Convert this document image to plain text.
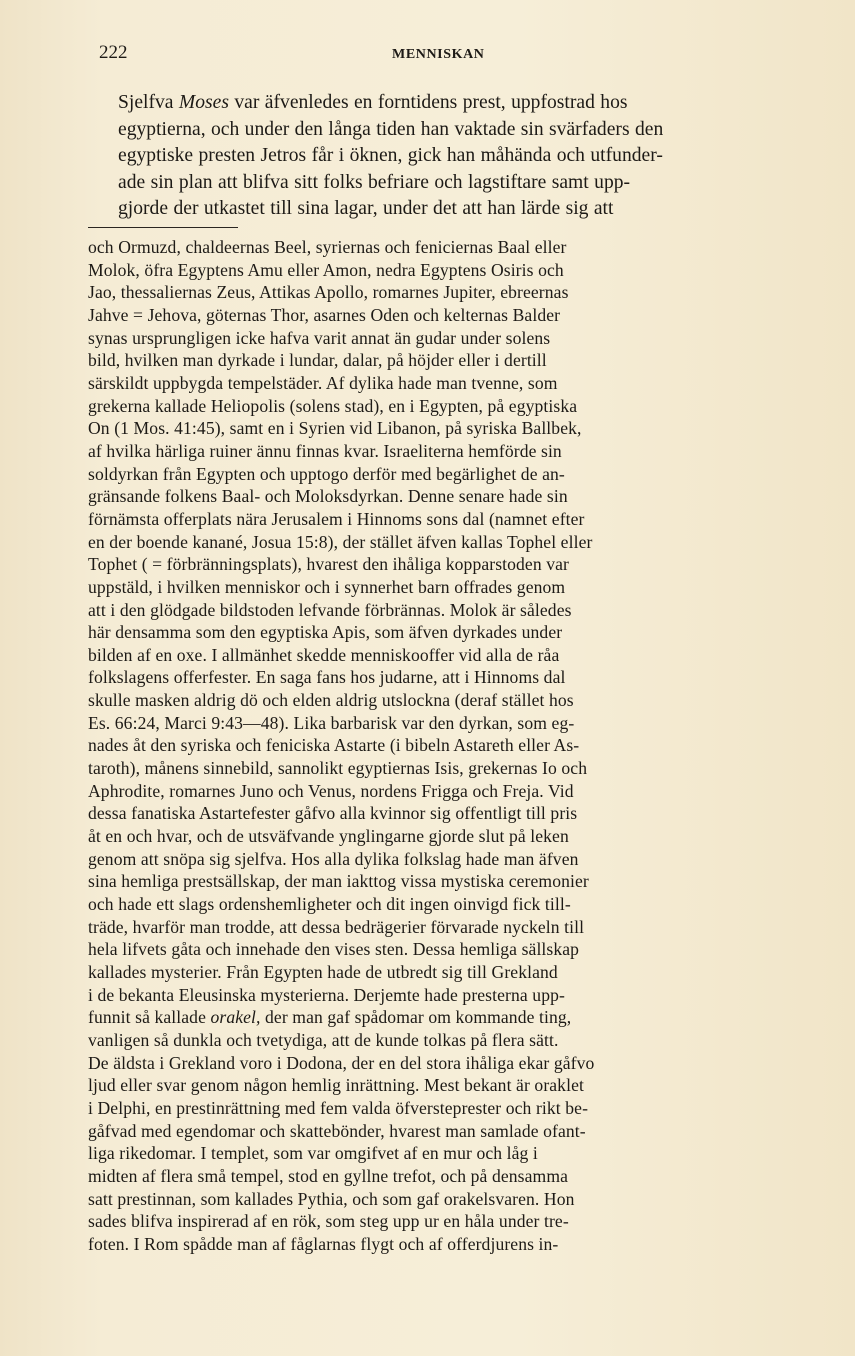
222	MENNISKAN
Sjelfva Moses var äfvenledes en forntidens prest, uppfostrad hos
egyptierna, och under den långa tiden han vaktade sin svärfaders den
egyptiske presten Jetros får i öknen, gick han måhända och utfunder-
ade sin plan att blifva sitt folks befriare och lagstiftare samt upp-
gjorde der utkastet till sina lagar, under det att han lärde sig att
och Ormuzd, chaldeernas Beel, syriernas och feniciernas Baal eller
Molok, öfra Egyptens Amu eller Amon, nedra Egyptens Osiris och
Jao, thessaliernas Zeus, Attikas Apollo, romarnes Jupiter, ebreernas
Jahve = Jehova, göternas Thor, asarnes Oden och kelternas Balder
synas ursprungligen icke hafva varit annat än gudar under solens
bild, hvilken man dyrkade i lundar, dalar, på höjder eller i dertill
särskildt uppbygda tempelstäder. Af dylika hade man tvenne, som
grekerna kallade Heliopolis (solens stad), en i Egypten, på egyptiska
On (1 Mos. 41:45), samt en i Syrien vid Libanon, på syriska Ballbek,
af hvilka härliga ruiner ännu finnas kvar. Israeliterna hemförde sin
soldyrkan från Egypten och upptogo derför med begärlighet de an-
gränsande folkens Baal- och Moloksdyrkan. Denne senare hade sin
förnämsta offerplats nära Jerusalem i Hinnoms sons dal (namnet efter
en der boende kanané, Josua 15:8), der stället äfven kallas Tophel eller
Tophet ( = förbränningsplats), hvarest den ihåliga kopparstoden var
uppstäld, i hvilken menniskor och i synnerhet barn offrades genom
att i den glödgade bildstoden lefvande förbrännas. Molok är således
här densamma som den egyptiska Apis, som äfven dyrkades under
bilden af en oxe. I allmänhet skedde menniskooffer vid alla de råa
folkslagens offerfester. En saga fans hos judarne, att i Hinnoms dal
skulle masken aldrig dö och elden aldrig utslockna (deraf stället hos
Es. 66:24, Marci 9:43—48). Lika barbarisk var den dyrkan, som eg-
nades åt den syriska och feniciska Astarte (i bibeln Astareth eller As-
taroth), månens sinnebild, sannolikt egyptiernas Isis, grekernas Io och
Aphrodite, romarnes Juno och Venus, nordens Frigga och Freja. Vid
dessa fanatiska Astartefester gåfvo alla kvinnor sig offentligt till pris
åt en och hvar, och de utsväfvande ynglingarne gjorde slut på leken
genom att snöpa sig sjelfva. Hos alla dylika folkslag hade man äfven
sina hemliga prestsällskap, der man iakttog vissa mystiska ceremonier
och hade ett slags ordenshemligheter och dit ingen oinvigd fick till-
träde, hvarför man trodde, att dessa bedrägerier förvarade nyckeln till
hela lifvets gåta och innehade den vises sten. Dessa hemliga sällskap
kallades mysterier. Från Egypten hade de utbredt sig till Grekland
i de bekanta Eleusinska mysterierna. Derjemte hade presterna upp-
funnit så kallade orakel, der man gaf spådomar om kommande ting,
vanligen så dunkla och tvetydiga, att de kunde tolkas på flera sätt.
De äldsta i Grekland voro i Dodona, der en del stora ihåliga ekar gåfvo
ljud eller svar genom någon hemlig inrättning. Mest bekant är oraklet
i Delphi, en prestinrättning med fem valda öfversteprester och rikt be-
gåfvad med egendomar och skattebönder, hvarest man samlade ofant-
liga rikedomar. I templet, som var omgifvet af en mur och låg i
midten af flera små tempel, stod en gyllne trefot, och på densamma
satt prestinnan, som kallades Pythia, och som gaf orakelsvaren. Hon
sades blifva inspirerad af en rök, som steg upp ur en håla under tre-
foten. I Rom spådde man af fåglarnas flygt och af offerdjurens in-
